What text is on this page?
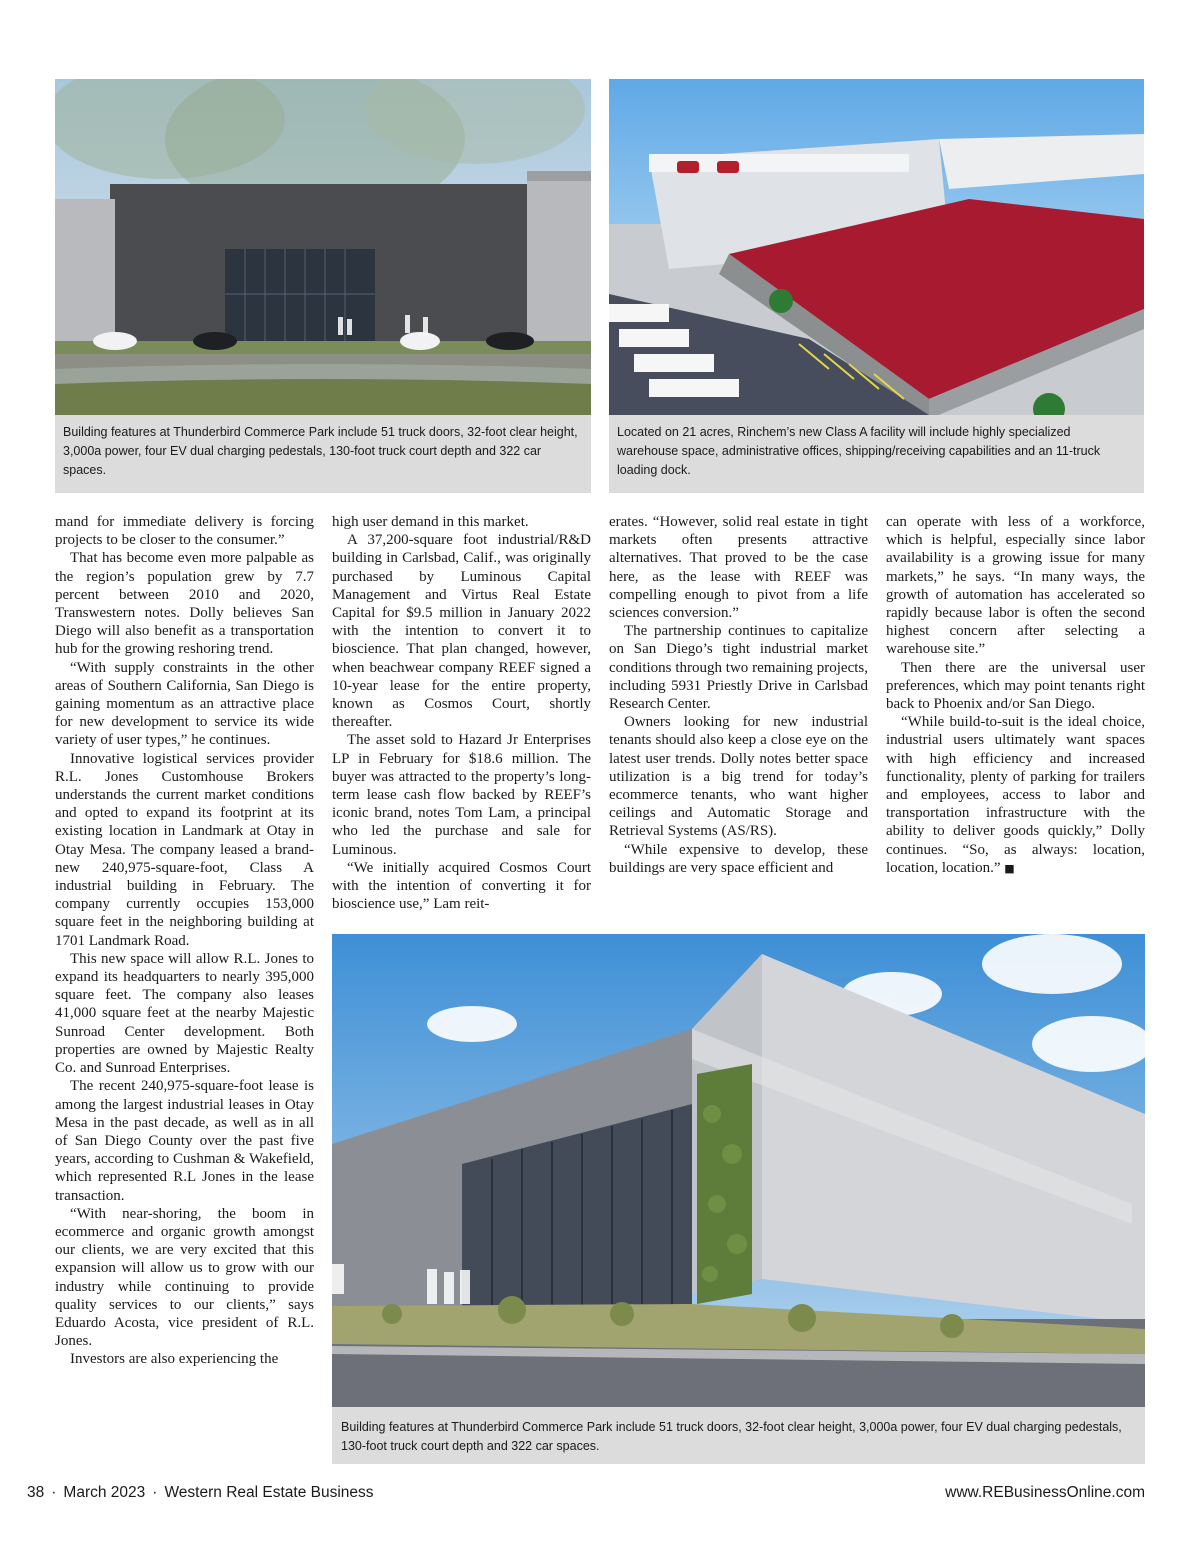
Building features at Thunderbird Commerce Park include 51 truck doors, 32-foot clear height, 3,000a power, four EV dual charging pedestals, 130-foot truck court depth and 322 car spaces.
Located on 21 acres, Rinchem’s new Class A facility will include highly specialized warehouse space, administrative offices, shipping/receiving capabilities and an 11-truck loading dock.

mand for immediate delivery is forcing projects to be closer to the consumer.”

That has become even more palpable as the region’s population grew by 7.7 percent between 2010 and 2020, Transwestern notes. Dolly believes San Diego will also benefit as a transportation hub for the growing reshoring trend.

“With supply constraints in the other areas of Southern California, San Diego is gaining momentum as an attractive place for new development to service its wide variety of user types,” he continues.

Innovative logistical services provider R.L. Jones Customhouse Brokers understands the current market conditions and opted to expand its footprint at its existing location in Landmark at Otay in Otay Mesa. The company leased a brand-new 240,975-square-foot, Class A industrial building in February. The company currently occupies 153,000 square feet in the neighboring building at 1701 Landmark Road.

This new space will allow R.L. Jones to expand its headquarters to nearly 395,000 square feet. The company also leases 41,000 square feet at the nearby Majestic Sunroad Center development. Both properties are owned by Majestic Realty Co. and Sunroad Enterprises.

The recent 240,975-square-foot lease is among the largest industrial leases in Otay Mesa in the past decade, as well as in all of San Diego County over the past five years, according to Cushman & Wakefield, which represented R.L Jones in the lease transaction.

“With near-shoring, the boom in ecommerce and organic growth amongst our clients, we are very excited that this expansion will allow us to grow with our industry while continuing to provide quality services to our clients,” says Eduardo Acosta, vice president of R.L. Jones.

Investors are also experiencing the

high user demand in this market.

A 37,200-square foot industrial/R&D building in Carlsbad, Calif., was originally purchased by Luminous Capital Management and Virtus Real Estate Capital for $9.5 million in January 2022 with the intention to convert it to bioscience. That plan changed, however, when beachwear company REEF signed a 10-year lease for the entire property, known as Cosmos Court, shortly thereafter.

The asset sold to Hazard Jr Enterprises LP in February for $18.6 million. The buyer was attracted to the property’s long-term lease cash flow backed by REEF’s iconic brand, notes Tom Lam, a principal who led the purchase and sale for Luminous.

“We initially acquired Cosmos Court with the intention of converting it for bioscience use,” Lam reit-

erates. “However, solid real estate in tight markets often presents attractive alternatives. That proved to be the case here, as the lease with REEF was compelling enough to pivot from a life sciences conversion.”

The partnership continues to capitalize on San Diego’s tight industrial market conditions through two remaining projects, including 5931 Priestly Drive in Carlsbad Research Center.

Owners looking for new industrial tenants should also keep a close eye on the latest user trends. Dolly notes better space utilization is a big trend for today’s ecommerce tenants, who want higher ceilings and Automatic Storage and Retrieval Systems (AS/RS).

“While expensive to develop, these buildings are very space efficient and

can operate with less of a workforce, which is helpful, especially since labor availability is a growing issue for many markets,” he says. “In many ways, the growth of automation has accelerated so rapidly because labor is often the second highest concern after selecting a warehouse site.”

Then there are the universal user preferences, which may point tenants right back to Phoenix and/or San Diego.

“While build-to-suit is the ideal choice, industrial users ultimately want spaces with high efficiency and increased functionality, plenty of parking for trailers and employees, access to labor and transportation infrastructure with the ability to deliver goods quickly,” Dolly continues. “So, as always: location, location, location.” ■

Building features at Thunderbird Commerce Park include 51 truck doors, 32-foot clear height, 3,000a power, four EV dual charging pedestals, 130-foot truck court depth and 322 car spaces.
38 · March 2023 · Western Real Estate Business	www.REBusinessOnline.com
